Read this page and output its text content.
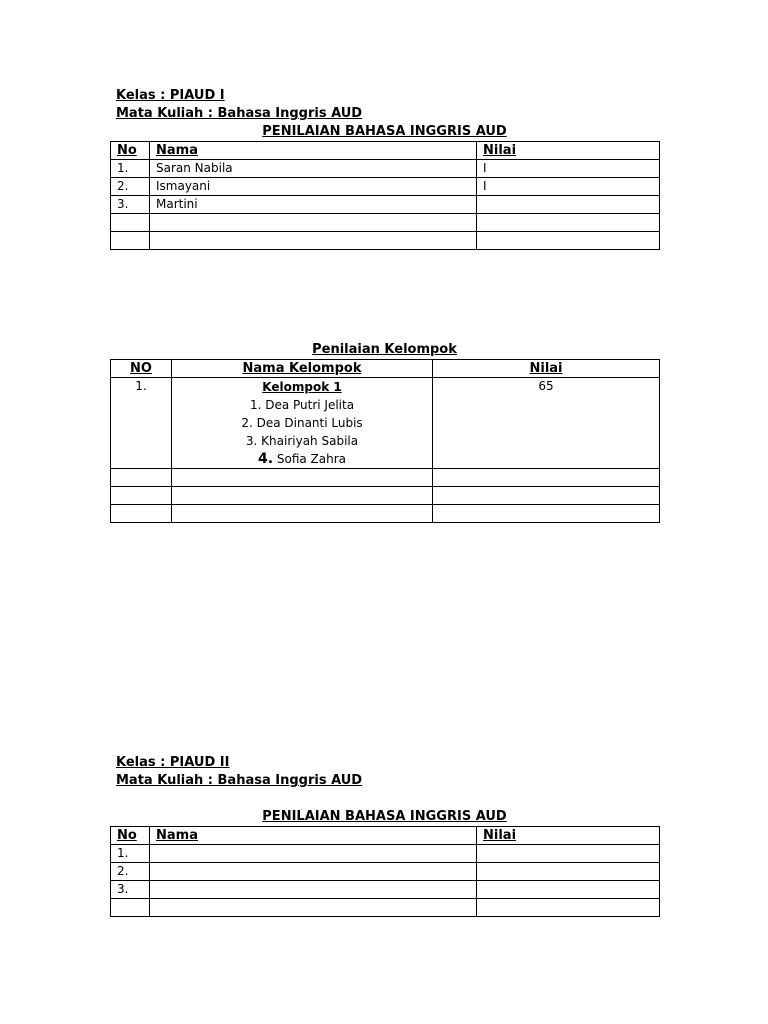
Kelas : PIAUD I
Mata Kuliah : Bahasa Inggris AUD
PENILAIAN BAHASA INGGRIS AUD
No	Nama	Nilai
1.	Saran Nabila	I
2.	Ismayani	I
3.	Martini	

Penilaian Kelompok
NO	Nama Kelompok	Nilai
1.	Kelompok 1
1. Dea Putri Jelita
2. Dea Dinanti Lubis
3. Khairiyah Sabila
4. Sofia Zahra	65

Kelas : PIAUD II
Mata Kuliah : Bahasa Inggris AUD
PENILAIAN BAHASA INGGRIS AUD
No	Nama	Nilai
1.		
2.		
3.		
